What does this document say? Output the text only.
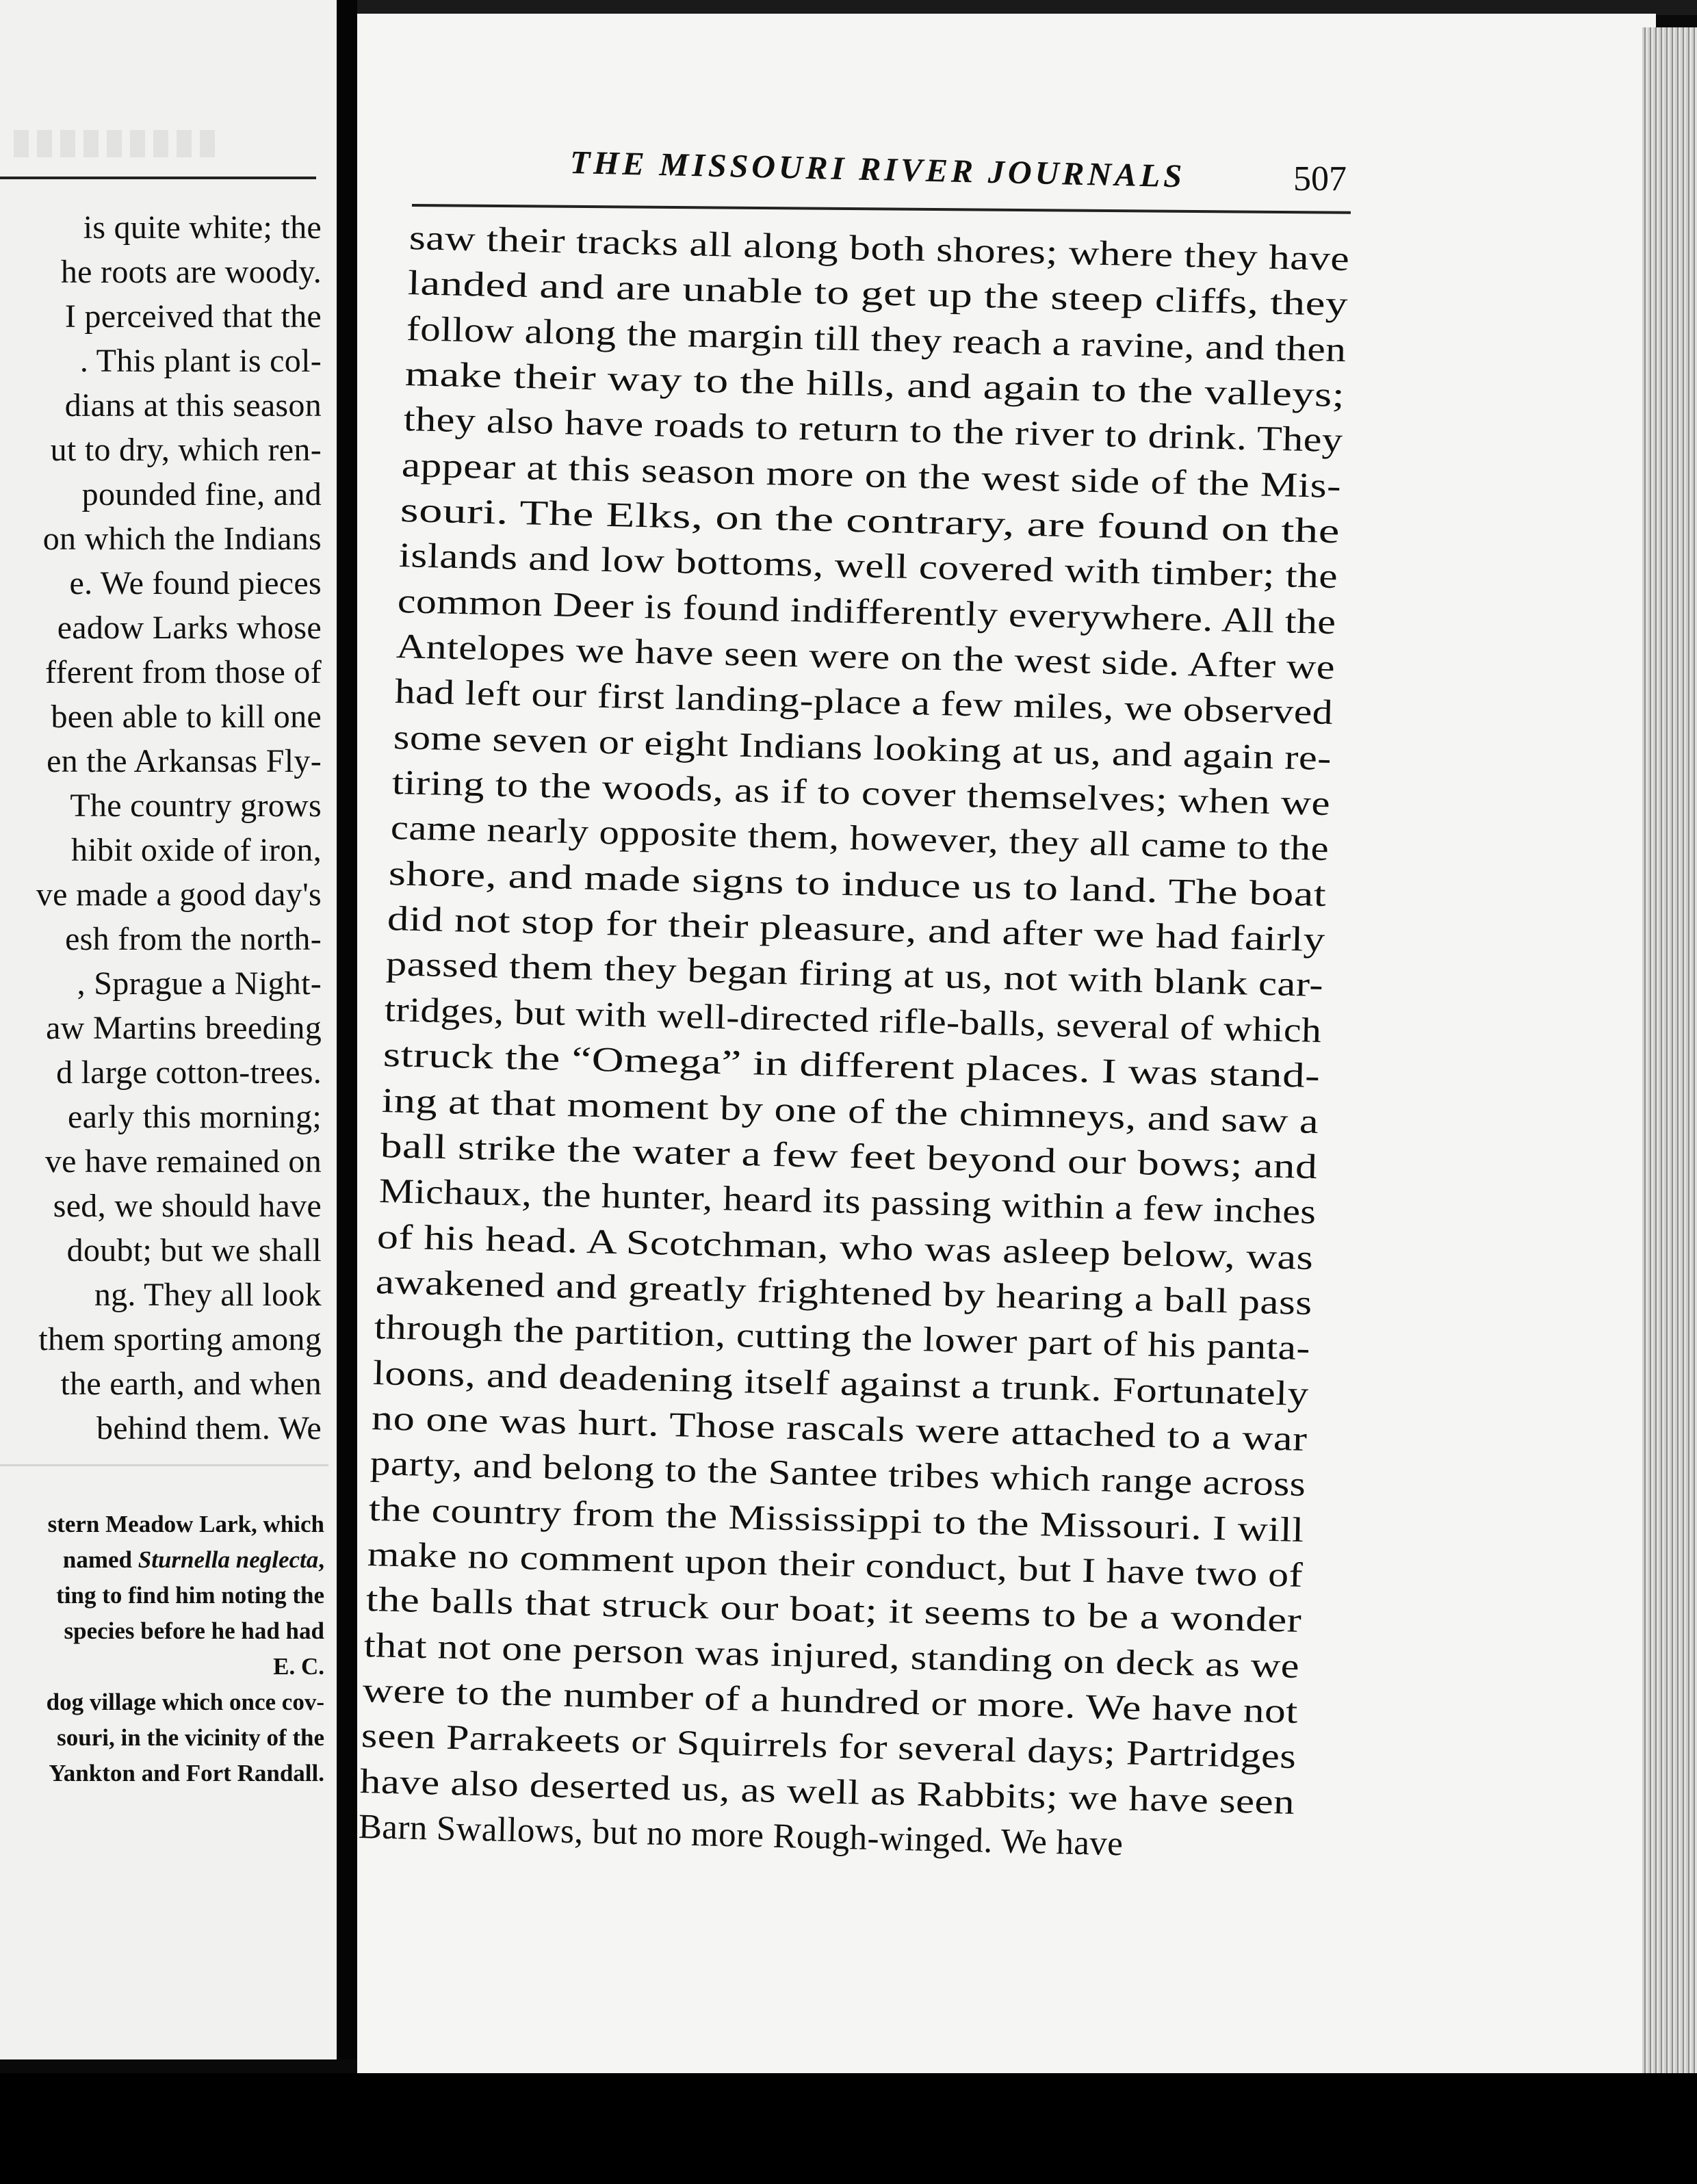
is quite white; the
he roots are woody.
I perceived that the
. This plant is col-
dians at this season
ut to dry, which ren-
pounded fine, and
on which the Indians
e. We found pieces
eadow Larks whose
fferent from those of
been able to kill one
en the Arkansas Fly-
The country grows
hibit oxide of iron,
ve made a good day's
esh from the north-
, Sprague a Night-
aw Martins breeding
d large cotton-trees.
early this morning;
ve have remained on
sed, we should have
doubt; but we shall
ng. They all look
them sporting among
the earth, and when
behind them. We
stern Meadow Lark, which
named Sturnella neglecta,
ting to find him noting the
species before he had had
E. C.
dog village which once cov-
souri, in the vicinity of the
Yankton and Fort Randall.
THE MISSOURI RIVER JOURNALS	507
saw their tracks all along both shores; where they have
landed and are unable to get up the steep cliffs, they
follow along the margin till they reach a ravine, and then
make their way to the hills, and again to the valleys;
they also have roads to return to the river to drink. They
appear at this season more on the west side of the Mis-
souri. The Elks, on the contrary, are found on the
islands and low bottoms, well covered with timber; the
common Deer is found indifferently everywhere. All the
Antelopes we have seen were on the west side. After we
had left our first landing-place a few miles, we observed
some seven or eight Indians looking at us, and again re-
tiring to the woods, as if to cover themselves; when we
came nearly opposite them, however, they all came to the
shore, and made signs to induce us to land. The boat
did not stop for their pleasure, and after we had fairly
passed them they began firing at us, not with blank car-
tridges, but with well-directed rifle-balls, several of which
struck the “Omega” in different places. I was stand-
ing at that moment by one of the chimneys, and saw a
ball strike the water a few feet beyond our bows; and
Michaux, the hunter, heard its passing within a few inches
of his head. A Scotchman, who was asleep below, was
awakened and greatly frightened by hearing a ball pass
through the partition, cutting the lower part of his panta-
loons, and deadening itself against a trunk. Fortunately
no one was hurt. Those rascals were attached to a war
party, and belong to the Santee tribes which range across
the country from the Mississippi to the Missouri. I will
make no comment upon their conduct, but I have two of
the balls that struck our boat; it seems to be a wonder
that not one person was injured, standing on deck as we
were to the number of a hundred or more. We have not
seen Parrakeets or Squirrels for several days; Partridges
have also deserted us, as well as Rabbits; we have seen
Barn Swallows, but no more Rough-winged. We have
